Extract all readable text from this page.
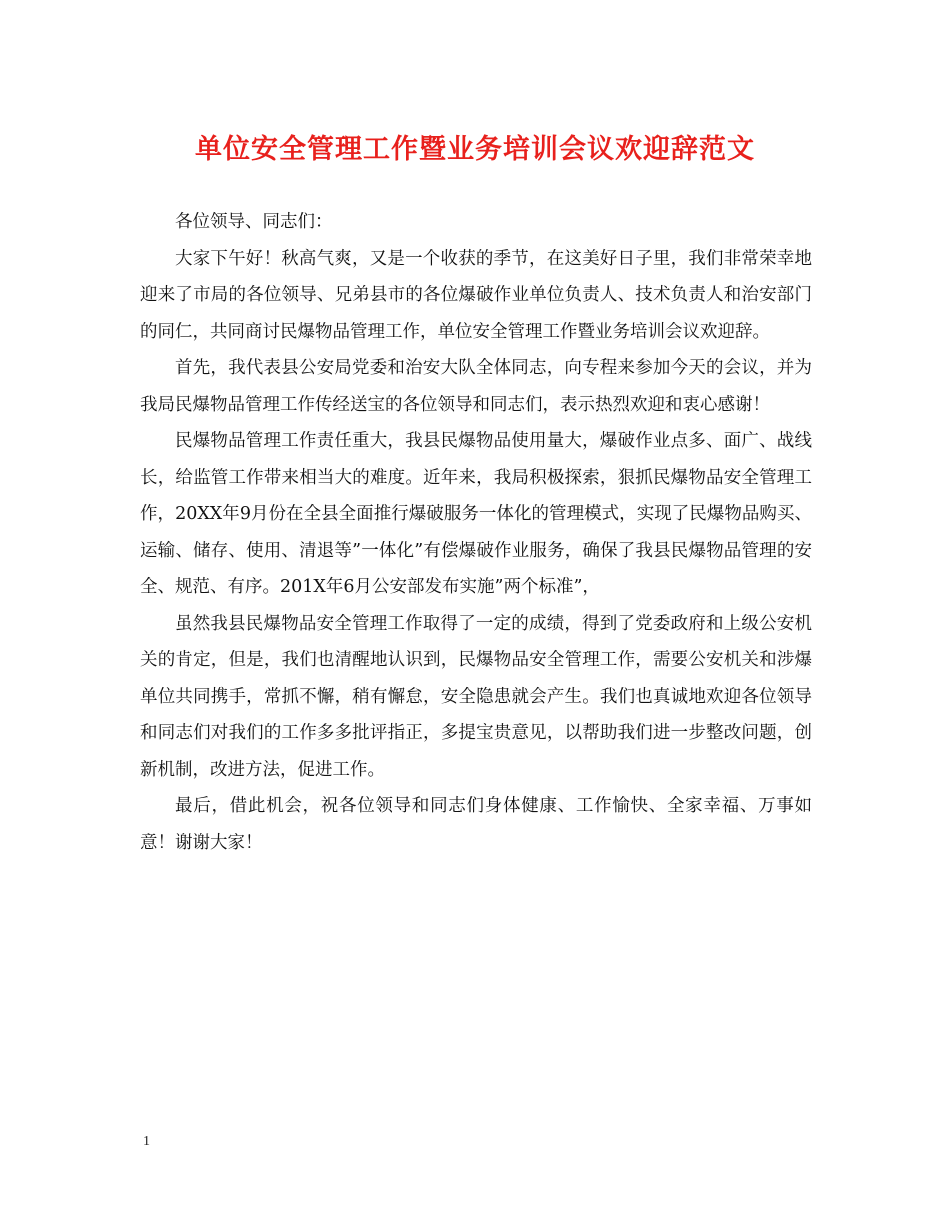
单位安全管理工作暨业务培训会议欢迎辞范文

各位领导、同志们：

大家下午好！秋高气爽，又是一个收获的季节，在这美好日子里，我们非常荣幸地迎来了市局的各位领导、兄弟县市的各位爆破作业单位负责人、技术负责人和治安部门的同仁，共同商讨民爆物品管理工作，单位安全管理工作暨业务培训会议欢迎辞。

首先，我代表县公安局党委和治安大队全体同志，向专程来参加今天的会议，并为我局民爆物品管理工作传经送宝的各位领导和同志们，表示热烈欢迎和衷心感谢！

民爆物品管理工作责任重大，我县民爆物品使用量大，爆破作业点多、面广、战线长，给监管工作带来相当大的难度。近年来，我局积极探索，狠抓民爆物品安全管理工作，20XX年9月份在全县全面推行爆破服务一体化的管理模式，实现了民爆物品购买、运输、储存、使用、清退等”一体化”有偿爆破作业服务，确保了我县民爆物品管理的安全、规范、有序。201X年6月公安部发布实施”两个标准”，

虽然我县民爆物品安全管理工作取得了一定的成绩，得到了党委政府和上级公安机关的肯定，但是，我们也清醒地认识到，民爆物品安全管理工作，需要公安机关和涉爆单位共同携手，常抓不懈，稍有懈怠，安全隐患就会产生。我们也真诚地欢迎各位领导和同志们对我们的工作多多批评指正，多提宝贵意见，以帮助我们进一步整改问题，创新机制，改进方法，促进工作。

最后，借此机会，祝各位领导和同志们身体健康、工作愉快、全家幸福、万事如意！谢谢大家！

1
